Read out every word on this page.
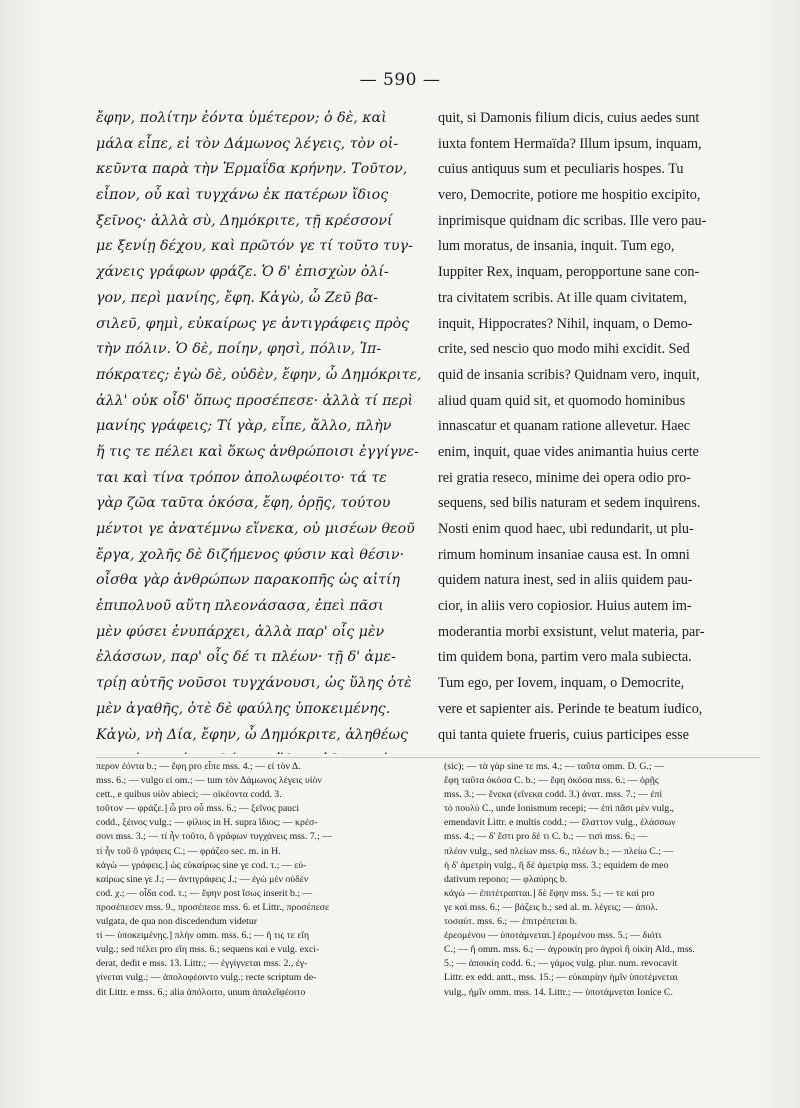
— 590 —
ἔφην, πολίτην ἐόντα ὑμέτερον; ὁ δὲ, καὶ
μάλα εἶπε, εἰ τὸν Δάμωνος λέγεις, τὸν οἰ-
κεῦντα παρὰ τὴν Ἑρμαΐδα κρήνην. Τοῦτον,
εἶπον, οὗ καὶ τυγχάνω ἐκ πατέρων ἴδιος
ξεῖνος· ἀλλὰ σὺ, Δημόκριτε, τῇ κρέσσονί
με ξενίῃ δέχου, καὶ πρῶτόν γε τί τοῦτο τυγ-
χάνεις γράφων φράζε. Ὁ δ' ἐπισχὼν ὀλί-
γον, περὶ μανίης, ἔφη. Κἀγὼ, ὦ Ζεῦ βα-
σιλεῦ, φημὶ, εὐκαίρως γε ἀντιγράφεις πρὸς
τὴν πόλιν. Ὁ δὲ, ποίην, φησὶ, πόλιν, Ἱπ-
πόκρατες; ἐγὼ δὲ, οὐδὲν, ἔφην, ὦ Δημόκριτε,
ἀλλ' οὐκ οἶδ' ὅπως προσέπεσε· ἀλλὰ τί περὶ
μανίης γράφεις; Τί γὰρ, εἶπε, ἄλλο, πλὴν
ἥ τις τε πέλει καὶ ὅκως ἀνθρώποισι ἐγγίγνε-
ται καὶ τίνα τρόπον ἀπολωφέοιτο· τά τε
γὰρ ζῶα ταῦτα ὁκόσα, ἔφη, ὁρῇς, τούτου
μέντοι γε ἀνατέμνω εἵνεκα, οὐ μισέων θεοῦ
ἔργα, χολῆς δὲ διζήμενος φύσιν καὶ θέσιν·
οἶσθα γὰρ ἀνθρώπων παρακοπῆς ὡς αἰτίη
ἐπιπολυοῦ αὕτη πλεονάσασα, ἐπεὶ πᾶσι
μὲν φύσει ἐνυπάρχει, ἀλλὰ παρ' οἷς μὲν
ἐλάσσων, παρ' οἷς δέ τι πλέων· τῇ δ' ἀμε-
τρίῃ αὐτῆς νοῦσοι τυγχάνουσι, ὡς ὕλης ὁτὲ
μὲν ἀγαθῆς, ὁτὲ δὲ φαύλης ὑποκειμένης.
Κἀγὼ, νὴ Δία, ἔφην, ὦ Δημόκριτε, ἀληθέως
quit, si Damonis filium dicis, cuius aedes sunt
iuxta fontem Hermaïda? Illum ipsum, inquam,
cuius antiquus sum et peculiaris hospes. Tu
vero, Democrite, potiore me hospitio excipito,
inprimisque quidnam dic scribas. Ille vero pau-
lum moratus, de insania, inquit. Tum ego,
Iuppiter Rex, inquam, peropportune sane con-
tra civitatem scribis. At ille quam civitatem,
inquit, Hippocrates? Nihil, inquam, o Demo-
crite, sed nescio quo modo mihi excidit. Sed
quid de insania scribis? Quidnam vero, inquit,
aliud quam quid sit, et quomodo hominibus
innascatur et quanam ratione allevetur. Haec
enim, inquit, quae vides animantia huius certe
rei gratia reseco, minime dei opera odio pro-
sequens, sed bilis naturam et sedem inquirens.
Nosti enim quod haec, ubi redundarit, ut plu-
rimum hominum insaniae causa est. In omni
quidem natura inest, sed in aliis quidem pau-
cior, in aliis vero copiosior. Huius autem im-
moderantia morbi exsistunt, velut materia, par-
tim quidem bona, partim vero mala subiecta.
Tum ego, per Iovem, inquam, o Democrite,
vere et sapienter ais. Perinde te beatum iudico,
qui tanta quiete frueris, cuius participes esse
περον ἐόντα b.; — ἔφη pro εἶπε mss. 4.; — εἰ τὸν Δ.
mss. 6.; — vulgo εἰ om.; — tum τὸν Δάμωνος λέγεις υἱὸν
cett., e quibus υἱὸν abieci; — οἰκέοντα codd. 3.
τοῦτον — φράζε.] ὦ pro οὗ mss. 6.; — ξεῖνος pauci
codd., ξέινος vulg.; — φίλιος in H. supra ἴδιος; — κρέσ-
σονι mss. 3.; — τί ἦν τοῦτο, ὃ γράφων τυγχάνεις mss. 7.; —
τί ἦν τοῦ ὃ γράφεις C.; — φράζεο sec. m. in H.
κἀγὼ — γράφεις.] ὡς εὐκαίρως sine γε cod. τ.; — εὐ-
καίρως sine γε J.; — ἀντιγράφεις J.; — ἐγὼ μὲν οὐδὲν
cod. χ.; — οἶδα cod. τ.; — ἔφην post ἴσως inserit b.; —
προσέπεσεν mss. 9., προσέπεσε mss. 6. et Littr., προσέπεσε
vulgata, de qua non discedendum videtur
τί — ὑποκειμένης.] πλὴν omm. mss. 6.; — ἥ τις τε εἴη
vulg.; sed πέλει pro εἴη mss. 6.; sequens καὶ e vulg. exci-
derat, dedit e mss. 13. Littr.; — ἐγγίγνεται mss. 2., ἐγ-
γίνεται vulg.; — ἀπολοφέοιντο vulg.; recte scriptum de-
dit Littr. e mss. 6.; alia ἀπόλοιτο, unum ἀπαλεῖφέοιτο
(sic); — τὰ γὰρ sine τε ms. 4.; — ταῦτα omm. D. G.; —
ἔφη ταῦτα ὁκόσα C. b.; — ἔφη ὁκόσα mss. 6.; — ὁρῇς
mss. 3.; — ἕνεκα (εἵνεκα codd. 3.) ἀνατ. mss. 7.; — ἐπὶ
τὸ πουλὺ C., unde Ionismum recepi; — ἐπὶ πᾶσι μὲν vulg.,
emendavit Littr. e multis codd.; — ἔλαττον vulg., ἐλάσσων
mss. 4.; — δ' ἔστι pro δέ τι C. b.; — τισὶ mss. 6.; —
πλέον vulg., sed πλείων mss. 6., πλέων b.; — πλείω C.; —
ἡ δ' ἀμετρίη vulg., ἢ δὲ ἀμετρίᾳ mss. 3.; equidem de meo
dativum repono; — φλαύρης b.
κἀγὼ — ἐπιτέτραπται.] δὲ ἔφην mss. 5.; — τε καὶ pro
γε καὶ mss. 6.; — βάζεις b.; sed al. m. λέγεις; — ἀπολ.
τοσαύτ. mss. 6.; — ἐπιτρέπεται b.
ἐρεομένου — ὑποτάμνεται.] ἐρομένου mss. 5.; — διότι
C.; — ἢ omm. mss. 6.; — ἀγροικίη pro ἀγροὶ ἢ οἰκίη Ald., mss.
5.; — ἀποικίη codd. 6.; — γάμος vulg. plur. num. revocavit
Littr. ex edd. antt., mss. 15.; — εὐκαιρίην ἡμῖν ὑποτέμνεται
vulg., ἡμῖν omm. mss. 14. Littr.; — ὑποτάμνεται Ionice C.
